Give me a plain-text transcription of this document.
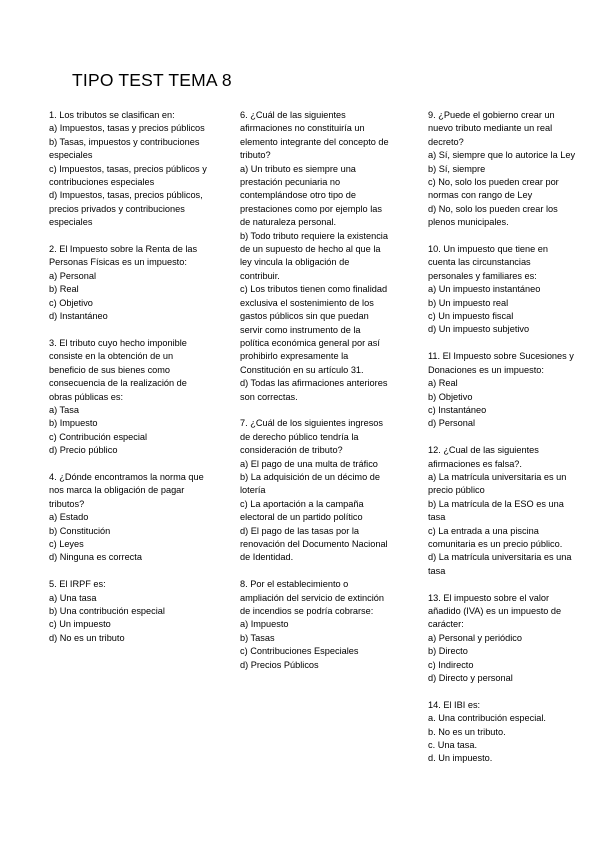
TIPO TEST TEMA 8

1. Los tributos se clasifican en:

a) Impuestos, tasas y precios públicos

b) Tasas, impuestos y contribuciones especiales

c) Impuestos, tasas, precios públicos y contribuciones especiales

d) Impuestos, tasas, precios públicos, precios privados y contribuciones especiales

2. El Impuesto sobre la Renta de las Personas Físicas es un impuesto:

a) Personal

b) Real

c) Objetivo

d) Instantáneo

3. El tributo cuyo hecho imponible consiste en la obtención de un beneficio de sus bienes como consecuencia de la realización de obras públicas es:

a) Tasa

b) Impuesto

c) Contribución especial

d) Precio público

4. ¿Dónde encontramos la norma que nos marca la obligación de pagar tributos?

a) Estado

b) Constitución

c) Leyes

d) Ninguna es correcta

5. El IRPF es:

a) Una tasa

b) Una contribución especial

c) Un impuesto

d) No es un tributo

6. ¿Cuál de las siguientes afirmaciones no constituiría un elemento integrante del concepto de tributo?

a) Un tributo es siempre una prestación pecuniaria no contemplándose otro tipo de prestaciones como por ejemplo las de naturaleza personal.

b) Todo tributo requiere la existencia de un supuesto de hecho al que la ley vincula la obligación de contribuir.

c) Los tributos tienen como finalidad exclusiva el sostenimiento de los gastos públicos sin que puedan servir como instrumento de la política económica general por así prohibirlo expresamente la Constitución en su artículo 31.

d) Todas las afirmaciones anteriores son correctas.

7. ¿Cuál de los siguientes ingresos de derecho público tendría la consideración de tributo?

a) El pago de una multa de tráfico

b) La adquisición de un décimo de lotería

c) La aportación a la campaña electoral de un partido político

d) El pago de las tasas por la renovación del Documento Nacional de Identidad.

8. Por el establecimiento o ampliación del servicio de extinción de incendios se podría cobrarse:

a) Impuesto

b) Tasas

c) Contribuciones Especiales

d) Precios Públicos

9. ¿Puede el gobierno crear un nuevo tributo mediante un real decreto?

a) Sí, siempre que lo autorice la Ley

b) Sí, siempre

c) No, solo los pueden crear por normas con rango de Ley

d) No, solo los pueden crear los plenos municipales.

10. Un impuesto que tiene en cuenta las circunstancias personales y familiares es:

a) Un impuesto instantáneo

b) Un impuesto real

c) Un impuesto fiscal

d) Un impuesto subjetivo

11. El Impuesto sobre Sucesiones y Donaciones es un impuesto:

a) Real

b) Objetivo

c) Instantáneo

d) Personal

12. ¿Cual de las siguientes afirmaciones es falsa?.

a) La matrícula universitaria es un precio público

b) La matrícula de la ESO es una tasa

c) La entrada a una piscina comunitaria es un precio público.

d) La matrícula universitaria es una tasa

13. El impuesto sobre el valor añadido (IVA) es un impuesto de carácter:

a) Personal y periódico

b) Directo

c) Indirecto

d) Directo y personal

14. El IBI es:

a. Una contribución especial.

b. No es un tributo.

c. Una tasa.

d. Un impuesto.
